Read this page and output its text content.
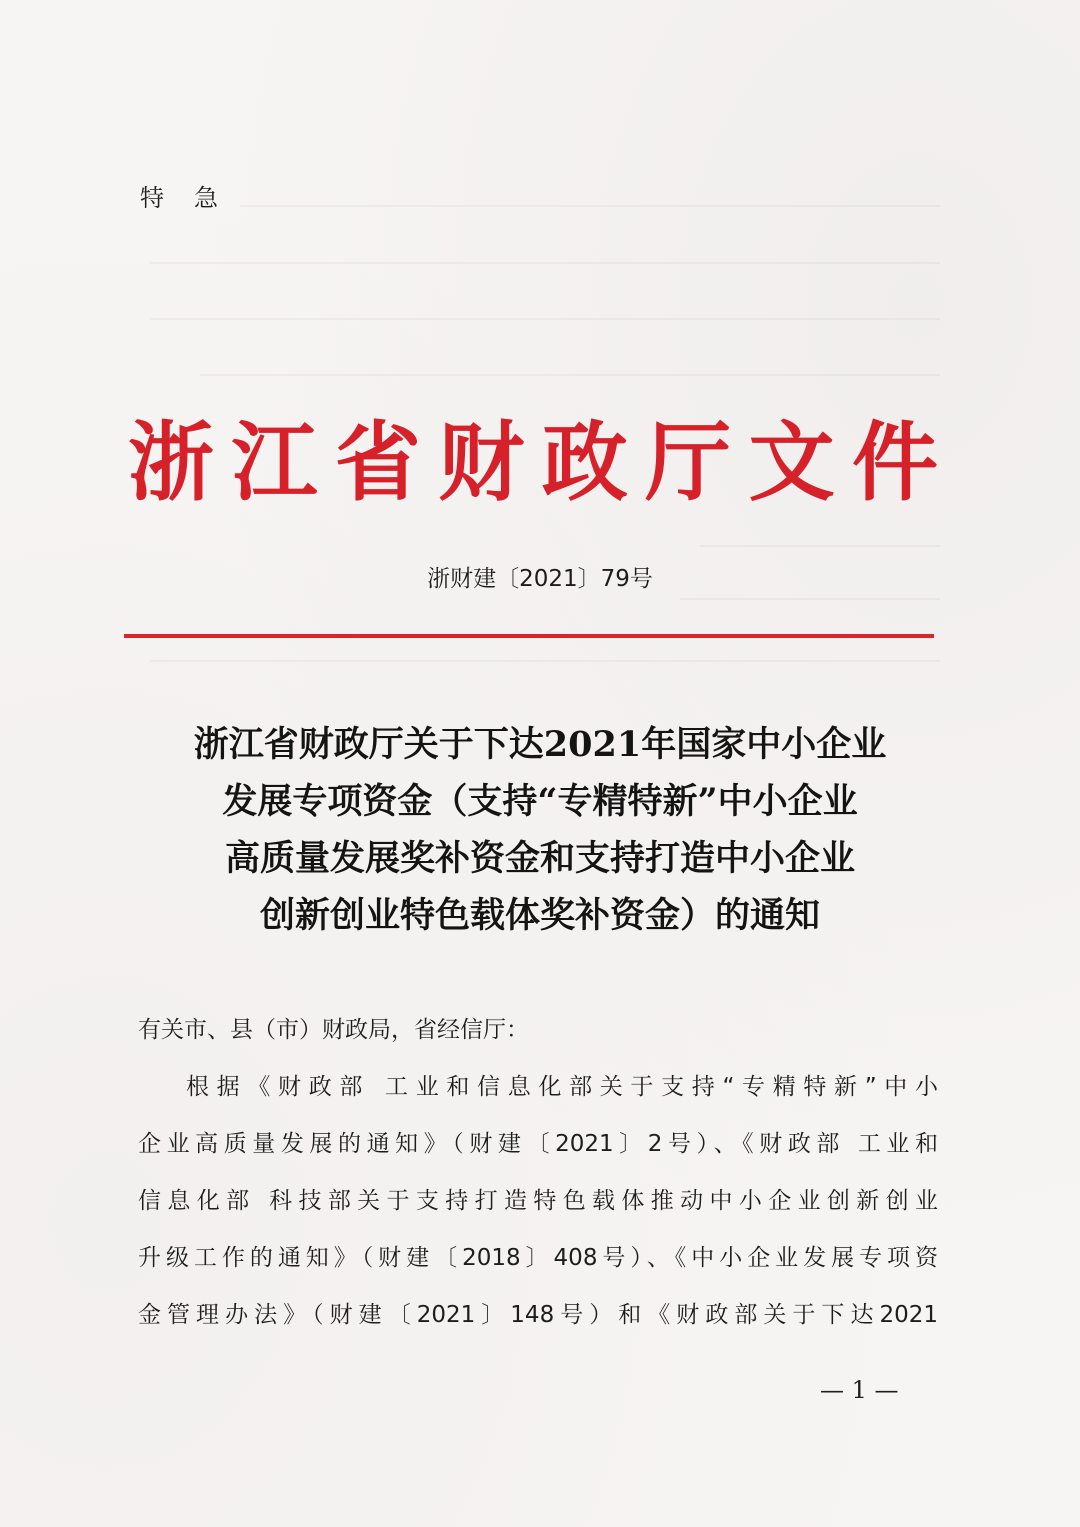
特急
浙江省财政厅文件
浙财建〔2021〕79号
浙江省财政厅关于下达2021年国家中小企业
发展专项资金（支持“专精特新”中小企业
高质量发展奖补资金和支持打造中小企业
创新创业特色载体奖补资金）的通知
有关市、县（市）财政局，省经信厅：
根据《财政部 工业和信息化部关于支持“专精特新”中小
企业高质量发展的通知》（财建〔2021〕2号）、《财政部 工业和
信息化部 科技部关于支持打造特色载体推动中小企业创新创业
升级工作的通知》（财建〔2018〕408号）、《中小企业发展专项资
金管理办法》（财建〔2021〕148号）和《财政部关于下达2021
— 1 —
